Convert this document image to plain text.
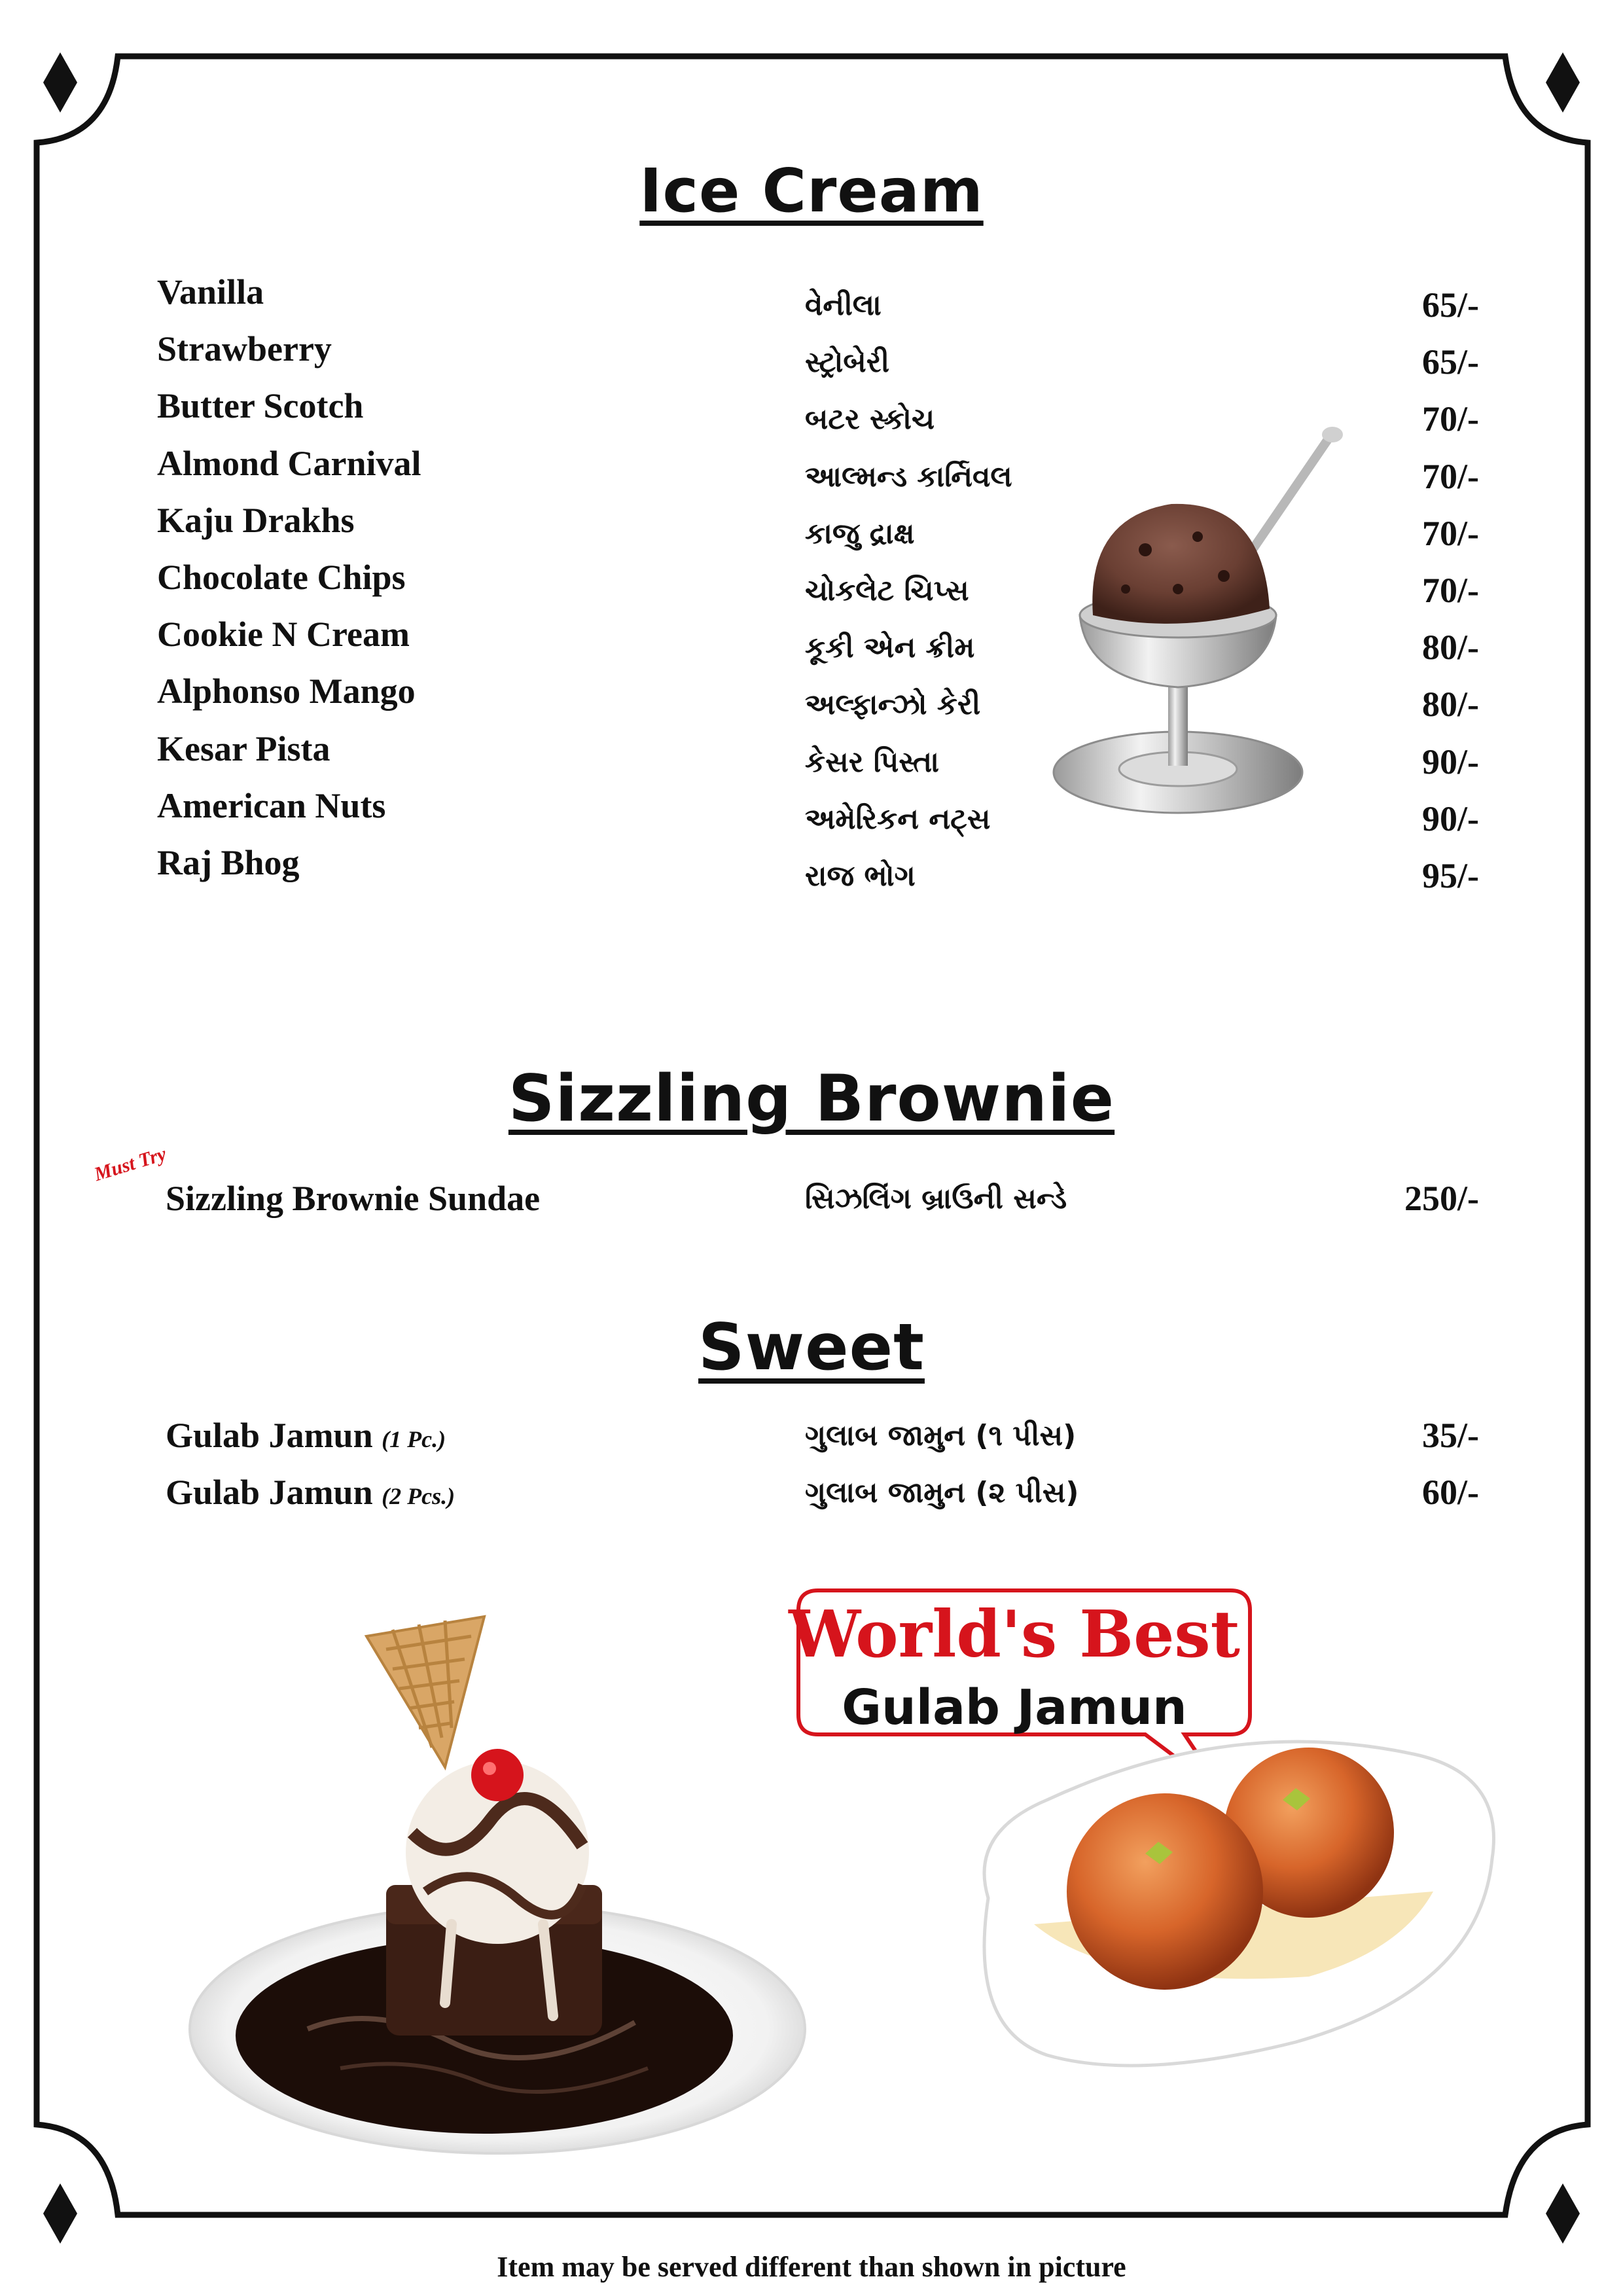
Ice Cream
Vanilla	વેનીલા	65/-
Strawberry	સ્ટ્રોબેરી	65/-
Butter Scotch	બટર સ્કોચ	70/-
Almond Carnival	આલ્મન્ડ કાર્નિવલ	70/-
Kaju Drakhs	કાજુ દ્રાક્ષ	70/-
Chocolate Chips	ચોકલેટ ચિપ્સ	70/-
Cookie N Cream	કૂકી એન ક્રીમ	80/-
Alphonso Mango	અલ્ફાન્ઝો કેરી	80/-
Kesar Pista	કેસર પિસ્તા	90/-
American Nuts	અમેરિકન નટ્સ	90/-
Raj Bhog	રાજ ભોગ	95/-
Sizzling Brownie
Must Try
Sizzling Brownie Sundae	સિઝલિંગ બ્રાઉની સન્ડે	250/-
Sweet
Gulab Jamun (1 Pc.)	ગુલાબ જામુન (૧ પીસ)	35/-
Gulab Jamun (2 Pcs.)	ગુલાબ જામુન (૨ પીસ)	60/-
World's Best
Gulab Jamun
Item may be served different than shown in picture
